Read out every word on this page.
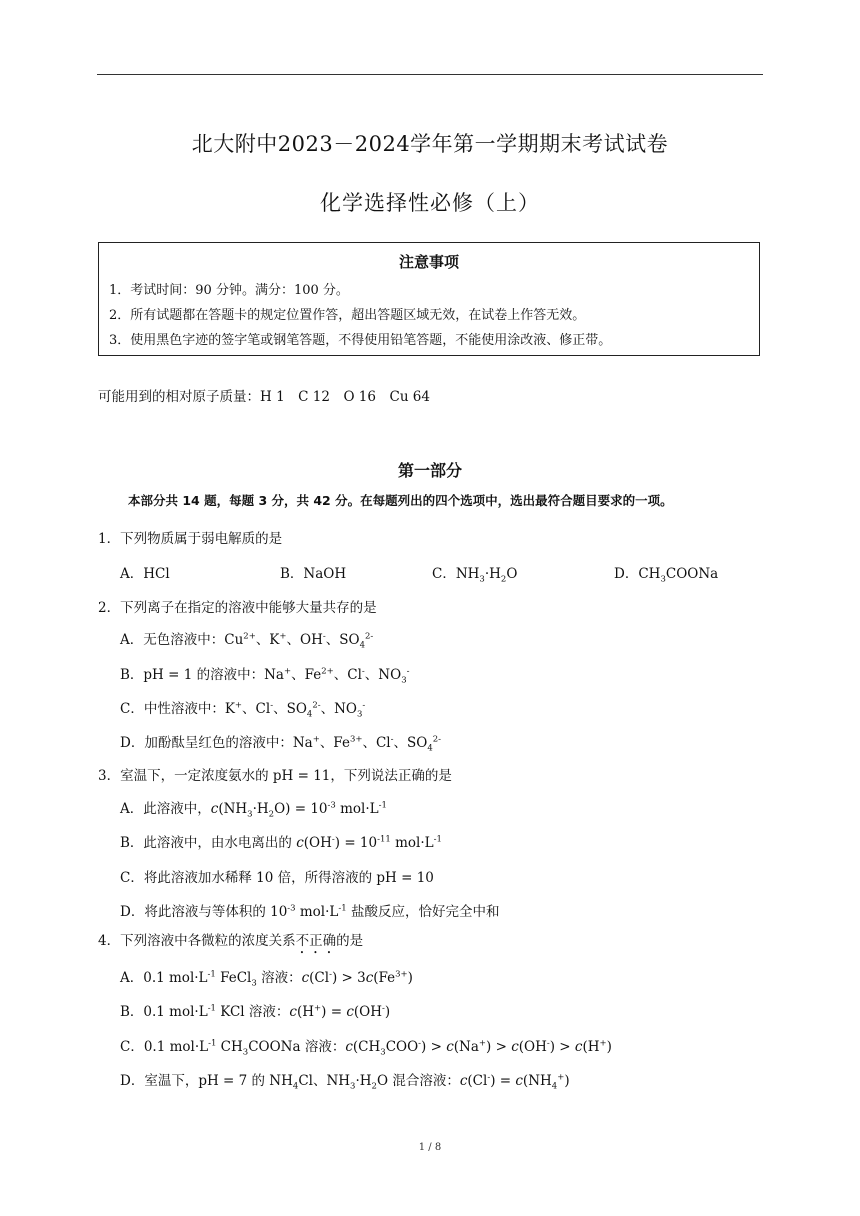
北大附中2023－2024学年第一学期期末考试试卷
化学选择性必修（上）
注意事项
1．考试时间：90 分钟。满分：100 分。
2．所有试题都在答题卡的规定位置作答，超出答题区域无效，在试卷上作答无效。
3．使用黑色字迹的签字笔或钢笔答题，不得使用铅笔答题，不能使用涂改液、修正带。
可能用到的相对原子质量：H 1　C 12　O 16　Cu 64
第一部分
本部分共 14 题，每题 3 分，共 42 分。在每题列出的四个选项中，选出最符合题目要求的一项。
1．下列物质属于弱电解质的是
A．HCl	B．NaOH	C．$NH_3\cdot H_2O$	D．$CH_3COONa$
2．下列离子在指定的溶液中能够大量共存的是
A．无色溶液中：$Cu^{2+}$、K+、OH-、$SO_4^{2-}$
B．pH = 1 的溶液中：Na+、$Fe^{2+}$、Cl-、$NO_3^-$
C．中性溶液中：K+、Cl-、$SO_4^{2-}$、$NO_3^-$
D．加酚酞呈红色的溶液中：Na+、$Fe^{3+}$、Cl-、$SO_4^{2-}$
3．室温下，一定浓度氨水的 pH = 11，下列说法正确的是
A．此溶液中，$c(NH_3\cdot H_2O) = 10^{-3}$ $mol\cdot L^{-1}$
B．此溶液中，由水电离出的 $c(OH^-) = 10^{-11}$ $mol\cdot L^{-1}$
C．将此溶液加水稀释 10 倍，所得溶液的 pH = 10
D．将此溶液与等体积的 $10^{-3}$ $mol\cdot L^{-1}$ 盐酸反应，恰好完全中和
4．下列溶液中各微粒的浓度关系不正确的是
A．0.1 $mol\cdot L^{-1}$ FeCl$_3$ 溶液：$c(Cl^-) > 3c(Fe^{3+})$
B．0.1 $mol\cdot L^{-1}$ KCl 溶液：c(H+) = c(OH-)
C．0.1 $mol\cdot L^{-1}$ $CH_3COONa$ 溶液：$c(CH_3COO^-) > c(Na^+) > c(OH^-) > c(H^+)$
D．室温下，pH = 7 的 $NH_4Cl$、$NH_3\cdot H_2O$ 混合溶液：$c(Cl^-) = c(NH_4^+)$
1 / 8
